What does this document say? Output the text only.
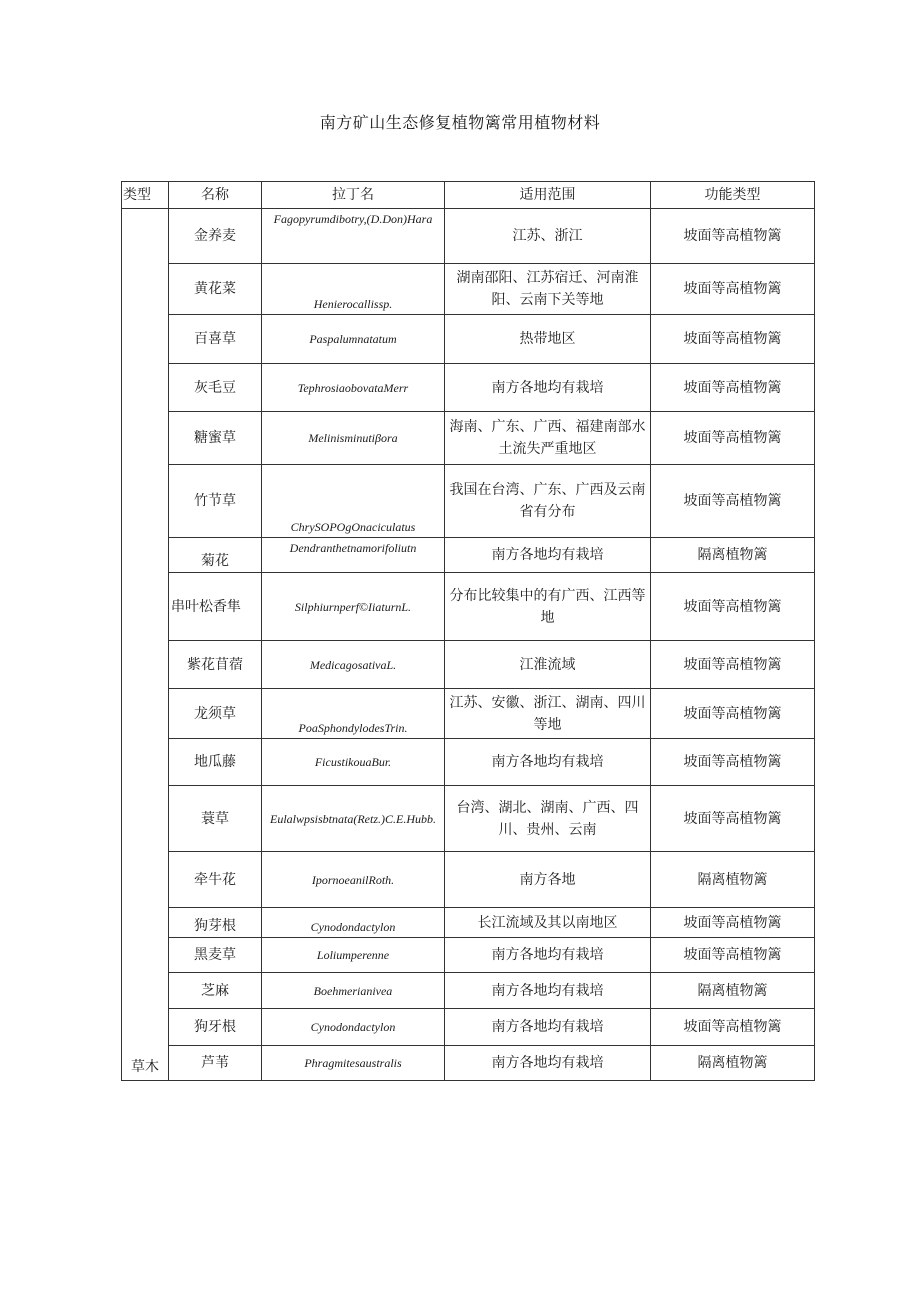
南方矿山生态修复植物篱常用植物材料
类型	名称	拉丁名	适用范围	功能类型
草木	金养麦	Fagopyrumdibotry,(D.Don)Hara	江苏、浙江	坡面等高植物篱
	黄花菜	Henierocallissp.	湖南邵阳、江苏宿迁、河南淮阳、云南下关等地	坡面等高植物篱
	百喜草	Paspalumnatatum	热带地区	坡面等高植物篱
	灰毛豆	TephrosiaobovataMerr	南方各地均有栽培	坡面等高植物篱
	糖蜜草	Melinisminutiβora	海南、广东、广西、福建南部水土流失严重地区	坡面等高植物篱
	竹节草	ChrySOPOgOnaciculatus	我国在台湾、广东、广西及云南省有分布	坡面等高植物篱
	菊花	Dendranthetnamorifoliutn	南方各地均有栽培	隔离植物篱
	串叶松香隼	Silphiurnperf©IiaturnL.	分布比较集中的有广西、江西等地	坡面等高植物篱
	紫花苜蓿	MedicagosativaL.	江淮流域	坡面等高植物篱
	龙须草	PoaSphondylodesTrin.	江苏、安徽、浙江、湖南、四川等地	坡面等高植物篱
	地瓜藤	FicustikouaBur.	南方各地均有栽培	坡面等高植物篱
	蓑草	Eulalwpsisbtnata(Retz.)C.E.Hubb.	台湾、湖北、湖南、广西、四川、贵州、云南	坡面等高植物篱
	牵牛花	IpornoeanilRoth.	南方各地	隔离植物篱
	狗芽根	Cynodondactylon	长江流域及其以南地区	坡面等高植物篱
	黑麦草	Loliumperenne	南方各地均有栽培	坡面等高植物篱
	芝麻	Boehmerianivea	南方各地均有栽培	隔离植物篱
	狗牙根	Cynodondactylon	南方各地均有栽培	坡面等高植物篱
	芦苇	Phragmitesaustralis	南方各地均有栽培	隔离植物篱
